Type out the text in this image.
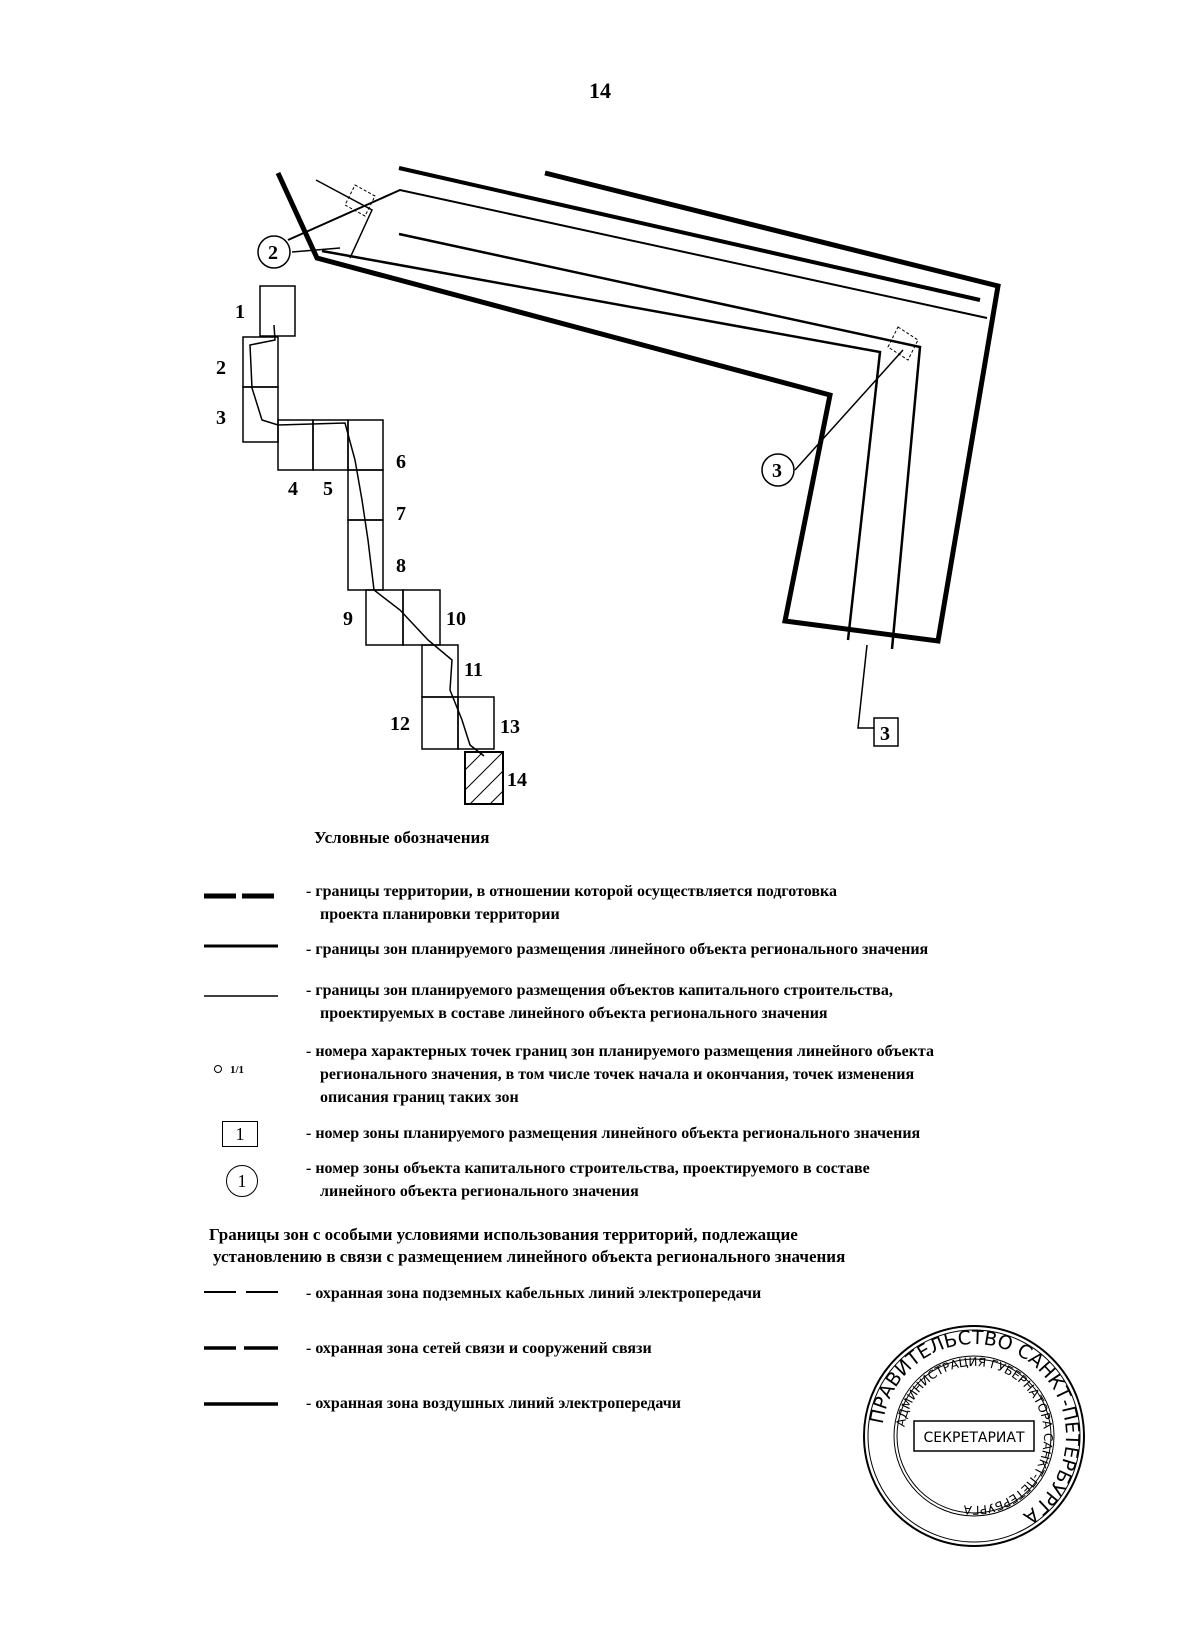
14
2
3
3
1
2
3
4 5
6
7
8
9	10
11
12	13
14
Условные обозначения
- границы территории, в отношении которой осуществляется подготовка
проекта планировки территории
- границы зон планируемого размещения линейного объекта регионального значения
- границы зон планируемого размещения объектов капитального строительства,
проектируемых в составе линейного объекта регионального значения
1/1
- номера характерных точек границ зон планируемого размещения линейного объекта
регионального значения, в том числе точек начала и окончания, точек изменения
описания границ таких зон
1	- номер зоны планируемого размещения линейного объекта регионального значения
1
- номер зоны объекта капитального строительства, проектируемого в составе
линейного объекта регионального значения
Границы зон с особыми условиями использования территорий, подлежащие
установлению в связи с размещением линейного объекта регионального значения
- охранная зона подземных кабельных линий электропередачи
- охранная зона сетей связи и сооружений связи
- охранная зона воздушных линий электропередачи
ПРАВИТЕЛЬСТВО САНКТ-ПЕТЕРБУРГА
АДМИНИСТРАЦИЯ ГУБЕРНАТОРА САНКТ-ПЕТЕРБУРГА
СЕКРЕТАРИАТ
